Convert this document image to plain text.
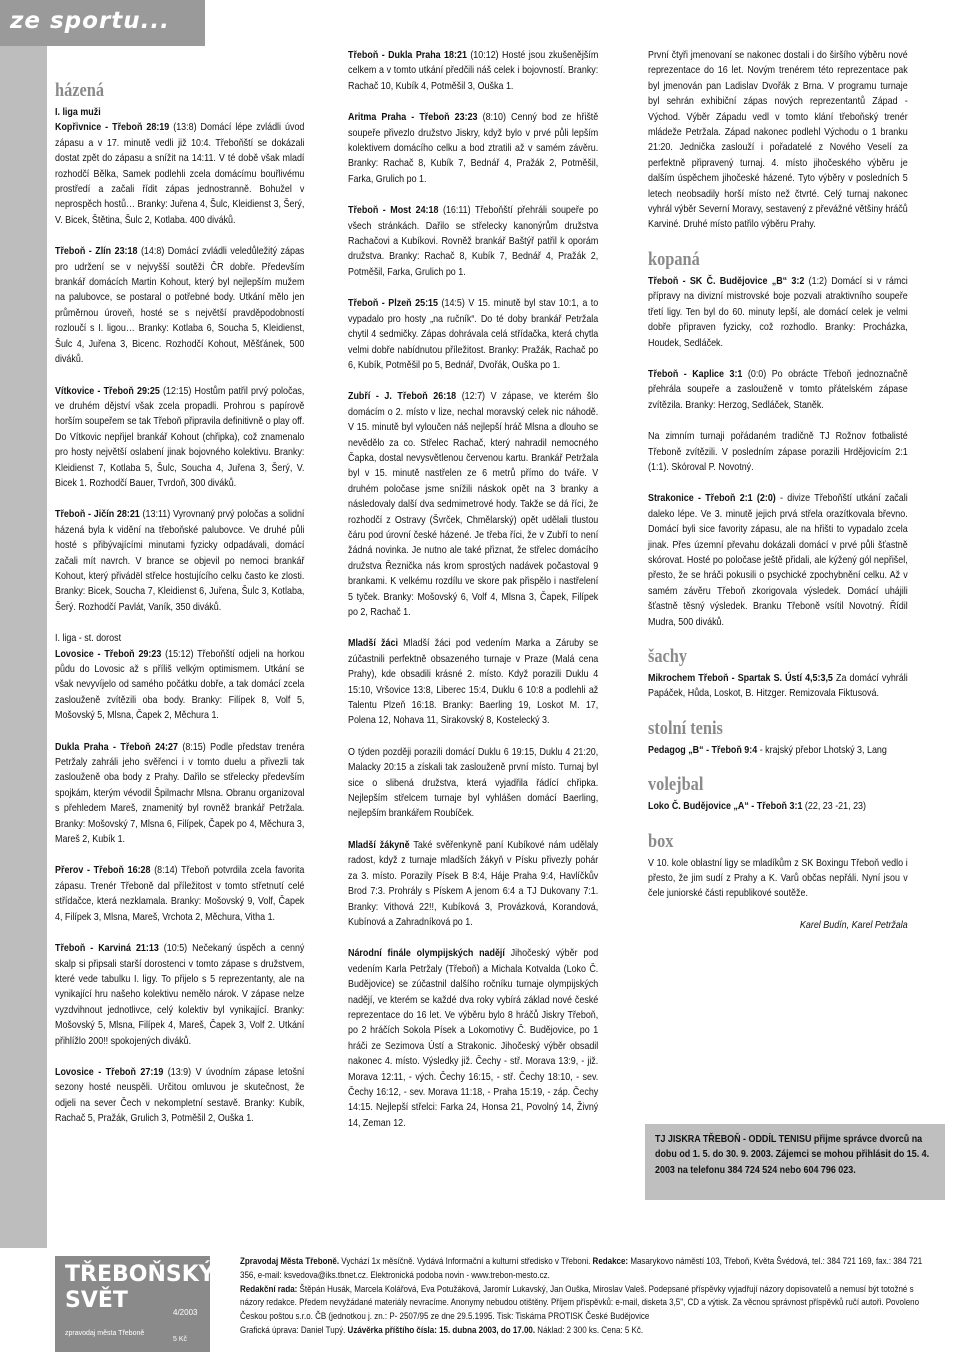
ze sportu...
házená

I. liga muži
Kopřivnice - Třeboň 28:19 (13:8) Domácí lépe zvládli úvod zápasu a v 17. minutě vedli již 10:4. Třeboňští se dokázali dostat zpět do zápasu a snížit na 14:11. V té době však mladí rozhodčí Bělka, Samek podlehli zcela domácímu bouřlivému prostředí a začali řídit zápas jednostranně. Bohužel v neprospěch hostů… Branky: Juřena 4, Šulc, Kleidienst 3, Šerý, V. Bicek, Štětina, Šulc 2, Kotlaba. 400 diváků.

Třeboň - Zlín 23:18 (14:8) Domácí zvládli veledůležitý zápas pro udržení se v nejvyšší soutěži ČR dobře. Především brankář domácích Martin Kohout, který byl nejlepším mužem na palubovce, se postaral o potřebné body. Utkání mělo jen průměrnou úroveň, hosté se s největší pravděpodobností rozloučí s I. ligou… Branky: Kotlaba 6, Soucha 5, Kleidienst, Šulc 4, Juřena 3, Bicenc. Rozhodčí Kohout, Měšťánek, 500 diváků.

Vítkovice - Třeboň 29:25 (12:15) Hostům patřil prvý poločas, ve druhém dějství však zcela propadli. Prohrou s papírově horším soupeřem se tak Třeboň připravila definitivně o play off. Do Vítkovic nepřijel brankář Kohout (chřipka), což znamenalo pro hosty největší oslabení jinak bojovného kolektivu. Branky: Kleidienst 7, Kotlaba 5, Šulc, Soucha 4, Juřena 3, Šerý, V. Bicek 1. Rozhodčí Bauer, Tvrdoň, 300 diváků.

Třeboň - Jičín 28:21 (13:11) Vyrovnaný prvý poločas a solidní házená byla k vidění na třeboňské palubovce. Ve druhé půli hosté s přibývajícími minutami fyzicky odpadávali, domácí začali mít navrch. V brance se objevil po nemoci brankář Kohout, který přivádël střelce hostujícího celku často ke zlosti. Branky: Bicek, Soucha 7, Kleidienst 6, Juřena, Šulc 3, Kotlaba, Šerý. Rozhodčí Pavlát, Vaník, 350 diváků.

I. liga - st. dorost
Lovosice - Třeboň 29:23 (15:12) Třeboňští odjeli na horkou půdu do Lovosic až s příliš velkým optimismem. Utkání se však nevyvíjelo od samého počátku dobře, a tak domácí zcela zaslouženě zvítězili oba body. Branky: Filípek 8, Volf 5, Mošovský 5, Mlsna, Čapek 2, Měchura 1.

Dukla Praha - Třeboň 24:27 (8:15) Podle představ trenéra Petržaly zahráli jeho svěřenci i v tomto duelu a přivezli tak zaslouženě oba body z Prahy. Dařilo se střelecky především spojkám, kterým vévodil Špilmachr Mlsna. Obranu organizoval s přehledem Mareš, znamenitý byl rovněž brankář Petržala. Branky: Mošovský 7, Mlsna 6, Filípek, Čapek po 4, Měchura 3, Mareš 2, Kubík 1.

Přerov - Třeboň 16:28 (8:14) Třeboň potvrdila zcela favorita zápasu. Trenér Třeboně dal příležitost v tomto střetnutí celé střídačce, která nezklamala. Branky: Mošovský 9, Volf, Čapek 4, Filípek 3, Mlsna, Mareš, Vrchota 2, Měchura, Vitha 1.

Třeboň - Karviná 21:13 (10:5) Nečekaný úspěch a cenný skalp si připsali starší dorostenci v tomto zápase s družstvem, které vede tabulku I. ligy. To přijelo s 5 reprezentanty, ale na vynikající hru našeho kolektivu nemělo nárok. V zápase nelze vyzdvihnout jednotlivce, celý kolektiv byl vynikající. Branky: Mošovský 5, Mlsna, Filípek 4, Mareš, Čapek 3, Volf 2. Utkání přihlížlo 200!! spokojených diváků.

Lovosice - Třeboň 27:19 (13:9) V úvodním zápase letošní sezony hosté neuspěli. Určitou omluvou je skutečnost, že odjeli na sever Čech v nekompletní sestavě. Branky: Kubík, Rachač 5, Pražák, Grulich 3, Potměšil 2, Ouška 1.

Třeboň - Dukla Praha 18:21 (10:12) Hosté jsou zkušenějším celkem a v tomto utkání předčili náš celek i bojovností. Branky: Rachač 10, Kubík 4, Potměšil 3, Ouška 1.

Aritma Praha - Třeboň 23:23 (8:10) Cenný bod ze hřiště soupeře přivezlo družstvo Jiskry, když bylo v prvé půli lepším kolektivem domácího celku a bod ztratili až v samém závěru. Branky: Rachač 8, Kubík 7, Bednář 4, Pražák 2, Potměšil, Farka, Grulich po 1.

Třeboň - Most 24:18 (16:11) Třeboňští přehráli soupeře po všech stránkách. Dařilo se střelecky kanonýrům družstva Rachačovi a Kubíkovi. Rovněž brankář Baštýř patřil k oporám družstva. Branky: Rachač 8, Kubík 7, Bednář 4, Pražák 2, Potměšil, Farka, Grulich po 1.

Třeboň - Plzeň 25:15 (14:5) V 15. minutě byl stav 10:1, a to vypadalo pro hosty „na ručník“. Do té doby brankář Petržala chytil 4 sedmičky. Zápas dohrávala celá střídačka, která chytla velmi dobře nabídnutou příležitost. Branky: Pražák, Rachač po 6, Kubík, Potměšil po 5, Bednář, Dvořák, Ouška po 1.

Zubří - J. Třeboň 26:18 (12:7) V zápase, ve kterém šlo domácím o 2. místo v lize, nechal moravský celek nic náhodě. V 15. minutě byl vyloučen náš nejlepší hráč Mlsna a dlouho se nevědělo za co. Střelec Rachač, který nahradil nemocného Čapka, dostal nevysvětlenou červenou kartu. Brankář Petržala byl v 15. minutě nastřelen ze 6 metrů přímo do tváře. V druhém poločase jsme snížili náskok opět na 3 branky a následovaly další dva sedmimetrové hody. Takže se dá říci, že rozhodčí z Ostravy (Švrček, Chmělarský) opět udělali tlustou čáru pod úrovní české házené. Je třeba říci, že v Zubří to není žádná novinka. Je nutno ale také přiznat, že střelec domácího družstva Řeznička nás krom sprostých nadávek počastoval 9 brankami. K velkému rozdílu ve skore pak přispělo i nastřelení 5 tyček. Branky: Mošovský 6, Volf 4, Mlsna 3, Čapek, Filípek po 2, Rachač 1.

Mladší žáci Mladší žáci pod vedením Marka a Záruby se zúčastnili perfektně obsazeného turnaje v Praze (Malá cena Prahy), kde obsadili krásné 2. místo. Když porazili Duklu 4 15:10, Vršovice 13:8, Liberec 15:4, Duklu 6 10:8 a podlehli až Talentu Plzeň 16:18. Branky: Baerling 19, Loskot M. 17, Polena 12, Nohava 11, Sirakovský 8, Kostelecký 3.

O týden později porazili domácí Duklu 6 19:15, Duklu 4 21:20, Malacky 20:15 a získali tak zaslouženě první místo. Turnaj byl sice o slibená družstva, která vyjadřila řádící chřipka. Nejlepším střelcem turnaje byl vyhlášen domácí Baerling, nejlepším brankářem Roubíček.

Mladší žákyně Také svěřenkyně paní Kubíkové nám udělaly radost, když z turnaje mladších žákyň v Písku přivezly pohár za 3. místo. Porazily Písek B 8:4, Háje Praha 9:4, Havlíčkův Brod 7:3. Prohrály s Pískem A jenom 6:4 a TJ Dukovany 7:1. Branky: Vithová 22!!, Kubíková 3, Provázková, Korandová, Kubínová a Zahradníková po 1.

Národní finále olympijských nadějí Jihočeský výběr pod vedením Karla Petržaly (Třeboň) a Michala Kotvalda (Loko Č. Budějovice) se zúčastnil dalšího ročníku turnaje olympijských nadějí, ve kterém se každé dva roky vybírá základ nové české reprezentace do 16 let. Ve výběru bylo 8 hráčů Jiskry Třeboň, po 2 hráčích Sokola Písek a Lokomotivy Č. Budějovice, po 1 hráči ze Sezimova Ústí a Strakonic. Jihočeský výběr obsadil nakonec 4. místo. Výsledky již. Čechy - stř. Morava 13:9, - již. Morava 12:11, - vých. Čechy 16:15, - stř. Čechy 18:10, - sev. Čechy 16:12, - sev. Morava 11:18, - Praha 15:19, - záp. Čechy 14:15. Nejlepší střelci: Farka 24, Honsa 21, Povolný 14, Živný 14, Zeman 12.

První čtyři jmenovaní se nakonec dostali i do širšího výběru nové reprezentace do 16 let. Novým trenérem této reprezentace pak byl jmenován pan Ladislav Dvořák z Brna. V programu turnaje byl sehrán exhibiční zápas nových reprezentantů Západ - Východ. Výběr Západu vedl v tomto klání třeboňský trenér mládeže Petržala. Západ nakonec podlehl Východu o 1 branku 21:20. Jednička zaslouží i pořadatelé z Nového Veselí za perfektně připravený turnaj. 4. místo jihočeského výběru je dalším úspěchem jihočeské házené. Tyto výběry v posledních 5 letech neobsadily horší místo než čtvrté. Celý turnaj nakonec vyhrál výběr Severní Moravy, sestavený z převážné většiny hráčů Karviné. Druhé místo patřilo výběru Prahy.

kopaná

Třeboň - SK Č. Budějovice „B“ 3:2 (1:2) Domácí si v rámci přípravy na divizní mistrovské boje pozvali atraktivního soupeře třetí ligy. Ten byl do 60. minuty lepší, ale domácí celek je velmi dobře připraven fyzicky, což rozhodlo. Branky: Procházka, Houdek, Sedláček.

Třeboň - Kaplice 3:1 (0:0) Po obrácte Třeboň jednoznačně přehrála soupeře a zaslouženě v tomto přátelském zápase zvítězila. Branky: Herzog, Sedláček, Staněk.

Na zimním turnaji pořádaném tradičně TJ Rožnov fotbalisté Třeboně zvítězili. V posledním zápase porazili Hrdějovicím 2:1 (1:1). Skóroval P. Novotný.

Strakonice - Třeboň 2:1 (2:0) - divize Třeboňští utkání začali daleko lépe. Ve 3. minutě jejich prvá střela orazítkovala břevno. Domácí byli sice favority zápasu, ale na hřišti to vypadalo zcela jinak. Přes územní převahu dokázali domácí v prvé půli šťastně skórovat. Hosté po poločase ještě přidali, ale kýžený gól nepřišel, přesto, že se hráči pokusili o psychické zpochybnění celku. Až v samém závěru Třeboň zkorigovala výsledek. Domácí uhájili šťastně těsný výsledek. Branku Třeboně vsítil Novotný. Řídil Mudra, 500 diváků.

šachy

Mikrochem Třeboň - Spartak S. Ústí 4,5:3,5 Za domácí vyhráli Papáček, Hůda, Loskot, B. Hitzger. Remizovala Fiktusová.

stolní tenis

Pedagog „B“ - Třeboň 9:4 - krajský přebor Lhotský 3, Lang

volejbal

Loko Č. Budějovice „A“ - Třeboň 3:1 (22, 23 -21, 23)

box

V 10. kole oblastní ligy se mladíkům z SK Boxingu Třeboň vedlo i přesto, že jim sudí z Prahy a K. Varů občas nepřáli. Nyní jsou v čele juniorské části republikové soutěže.

Karel Budín, Karel Petržala
TJ JISKRA TŘEBOŇ - ODDÍL TENISU přijme správce dvorců na dobu od 1. 5. do 30. 9. 2003. Zájemci se mohou přihlásit do 15. 4. 2003 na telefonu 384 724 524 nebo 604 796 023.
TŘEBOŇSKÝ
SVĚT
zpravodaj města Třeboně
4/2003
5 Kč
Zpravodaj Města Třeboně. Vychází 1x měsíčně. Vydává Informační a kulturní středisko v Třeboni. Redakce: Masarykovo náměstí 103, Třeboň, Květa Švédová, tel.: 384 721 169, fax.: 384 721 356, e-mail: ksvedova@iks.tbnet.cz. Elektronická podoba novin - www.trebon-mesto.cz.
Redakční rada: Štěpán Husák, Marcela Kolářová, Eva Potužáková, Jaromír Lukavský, Jan Ouška, Miroslav Valeš. Podepsané příspěvky vyjadřují názory dopisovatelů a nemusí být totožné s názory redakce. Předem nevyžádané materiály nevracíme. Anonymy nebudou otištěny. Příjem příspěvků: e-mail, disketa 3,5", CD a výtisk. Za věcnou správnost příspěvků ručí autoři. Povoleno Českou poštou s.r.o. ČB (jednotkou j. zn.: P- 2507/95 ze dne 29.5.1995. Tisk: Tiskárna PROTISK České Budějovice
Grafická úprava: Daniel Tupý. Uzávěrka příštího čísla: 15. dubna 2003, do 17.00. Náklad: 2 300 ks. Cena: 5 Kč.
